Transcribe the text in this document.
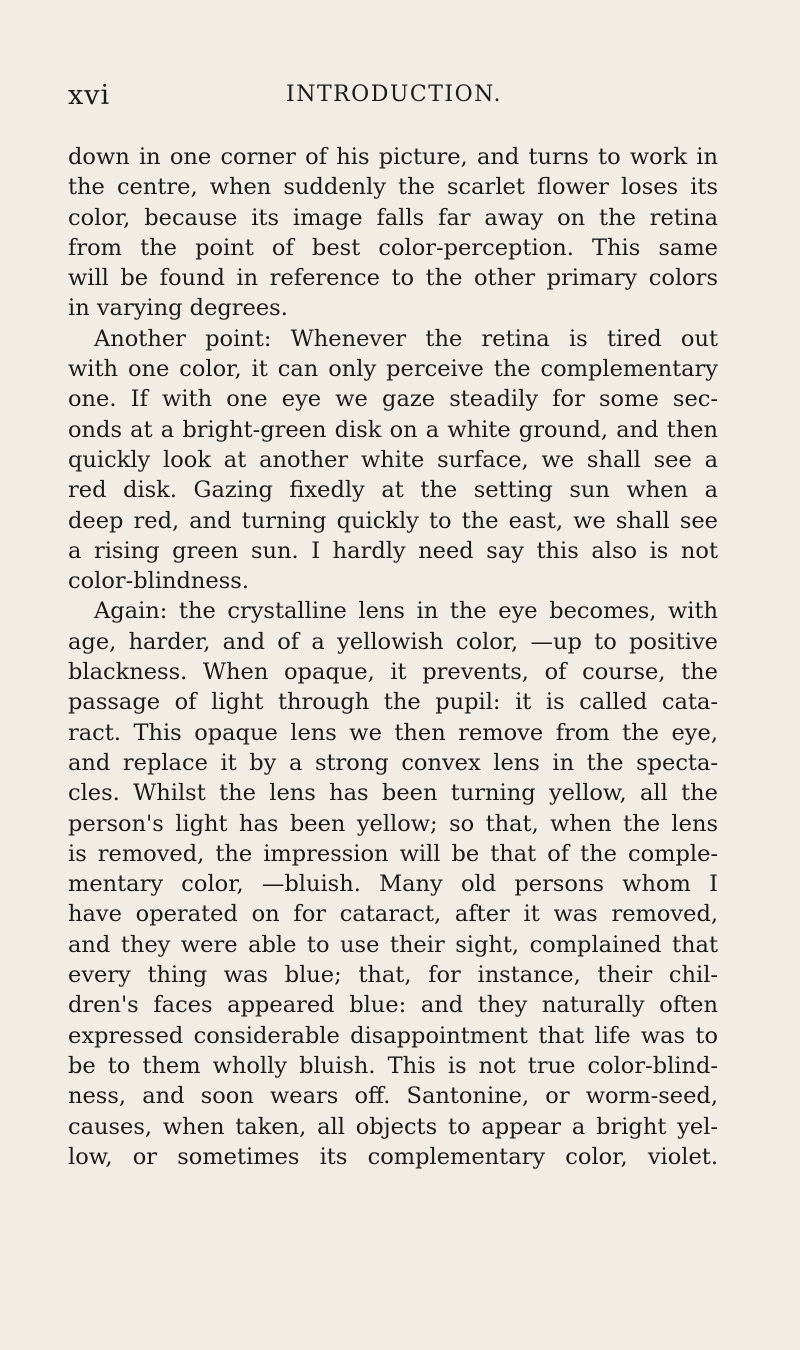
xvi	INTRODUCTION.
down in one corner of his picture, and turns to work in
the centre, when suddenly the scarlet flower loses its
color, because its image falls far away on the retina
from the point of best color-perception. This same
will be found in reference to the other primary colors
in varying degrees.
Another point: Whenever the retina is tired out
with one color, it can only perceive the complementary
one. If with one eye we gaze steadily for some sec-
onds at a bright-green disk on a white ground, and then
quickly look at another white surface, we shall see a
red disk. Gazing fixedly at the setting sun when a
deep red, and turning quickly to the east, we shall see
a rising green sun. I hardly need say this also is not
color-blindness.
Again: the crystalline lens in the eye becomes, with
age, harder, and of a yellowish color, —up to positive
blackness. When opaque, it prevents, of course, the
passage of light through the pupil: it is called cata-
ract. This opaque lens we then remove from the eye,
and replace it by a strong convex lens in the specta-
cles. Whilst the lens has been turning yellow, all the
person's light has been yellow; so that, when the lens
is removed, the impression will be that of the comple-
mentary color, —bluish. Many old persons whom I
have operated on for cataract, after it was removed,
and they were able to use their sight, complained that
every thing was blue; that, for instance, their chil-
dren's faces appeared blue: and they naturally often
expressed considerable disappointment that life was to
be to them wholly bluish. This is not true color-blind-
ness, and soon wears off. Santonine, or worm-seed,
causes, when taken, all objects to appear a bright yel-
low, or sometimes its complementary color, violet.
